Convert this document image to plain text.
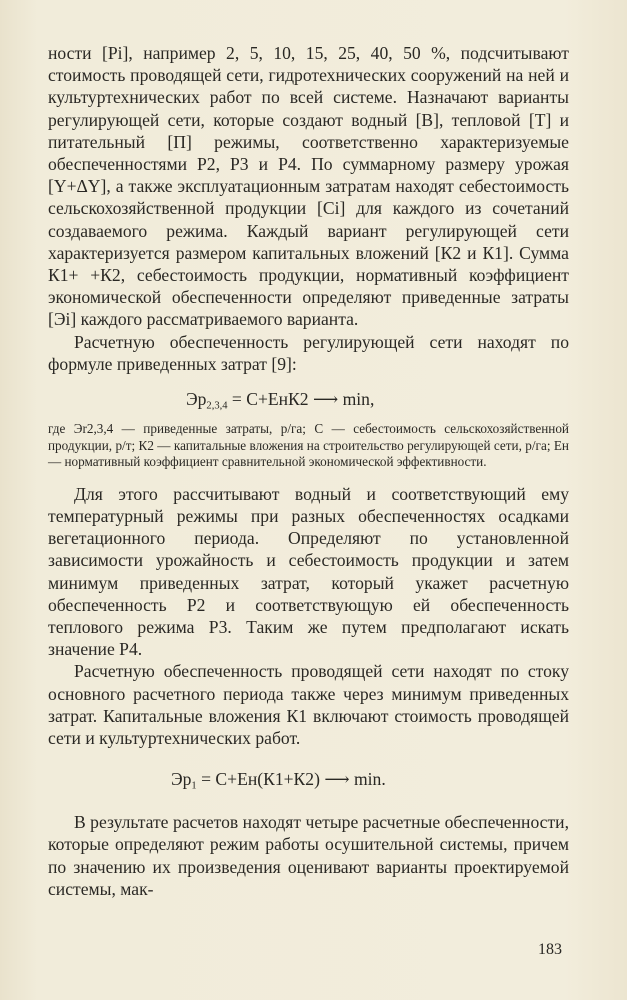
ности [Рi], например 2, 5, 10, 15, 25, 40, 50 %, подсчитывают стоимость проводящей сети, гидротехнических сооружений на ней и культуртехнических работ по всей системе. Назначают варианты регулирующей сети, которые создают водный [В], тепловой [Т] и питательный [П] режимы, соответственно характеризуемые обеспеченностями Р2, Р3 и Р4. По суммарному размеру урожая [Y+ΔY], а также эксплуатационным затратам находят себестоимость сельскохозяйственной продукции [Ci] для каждого из сочетаний создаваемого режима. Каждый вариант регулирующей сети характеризуется размером капитальных вложений [К2 и К1]. Сумма К1+ +К2, себестоимость продукции, нормативный коэффициент экономической обеспеченности определяют приведенные затраты [Эi] каждого рассматриваемого варианта.

Расчетную обеспеченность регулирующей сети находят по формуле приведенных затрат [9]:

$Эр_{2,3,4} = C+EнК2$ ⟶ min,
где Эr2,3,4 — приведенные затраты, р/га; С — себестоимость сельскохозяйственной продукции, р/т; К2 — капитальные вложения на строительство регулирующей сети, р/га; Ен — нормативный коэффициент сравнительной экономической эффективности.

Для этого рассчитывают водный и соответствующий ему температурный режимы при разных обеспеченностях осадками вегетационного периода. Определяют по установленной зависимости урожайность и себестоимость продукции и затем минимум приведенных затрат, который укажет расчетную обеспеченность Р2 и соответствующую ей обеспеченность теплового режима Р3. Таким же путем предполагают искать значение Р4.

Расчетную обеспеченность проводящей сети находят по стоку основного расчетного периода также через минимум приведенных затрат. Капитальные вложения К1 включают стоимость проводящей сети и культуртехнических работ.

$Эр_1 = C+Eн(К1+К2)$ ⟶ min.

В результате расчетов находят четыре расчетные обеспеченности, которые определяют режим работы осушительной системы, причем по значению их произведения оценивают варианты проектируемой системы, мак-

183
